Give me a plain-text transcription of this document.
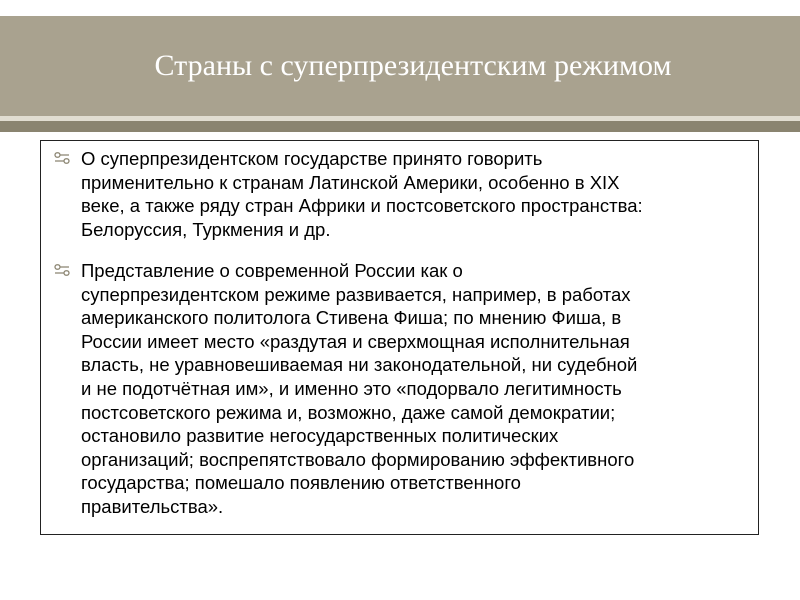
Страны с суперпрезидентским режимом
О суперпрезидентском государстве принято говорить
применительно к странам Латинской Америки, особенно в XIX
веке, а также ряду стран Африки и постсоветского пространства:
Белоруссия, Туркмения и др.
Представление о современной России как о
суперпрезидентском режиме развивается, например, в работах
американского политолога Стивена Фиша; по мнению Фиша, в
России имеет место «раздутая и сверхмощная исполнительная
власть, не уравновешиваемая ни законодательной, ни судебной
и не подотчётная им», и именно это «подорвало легитимность
постсоветского режима и, возможно, даже самой демократии;
остановило развитие негосударственных политических
организаций; воспрепятствовало формированию эффективного
государства; помешало появлению ответственного
правительства».
